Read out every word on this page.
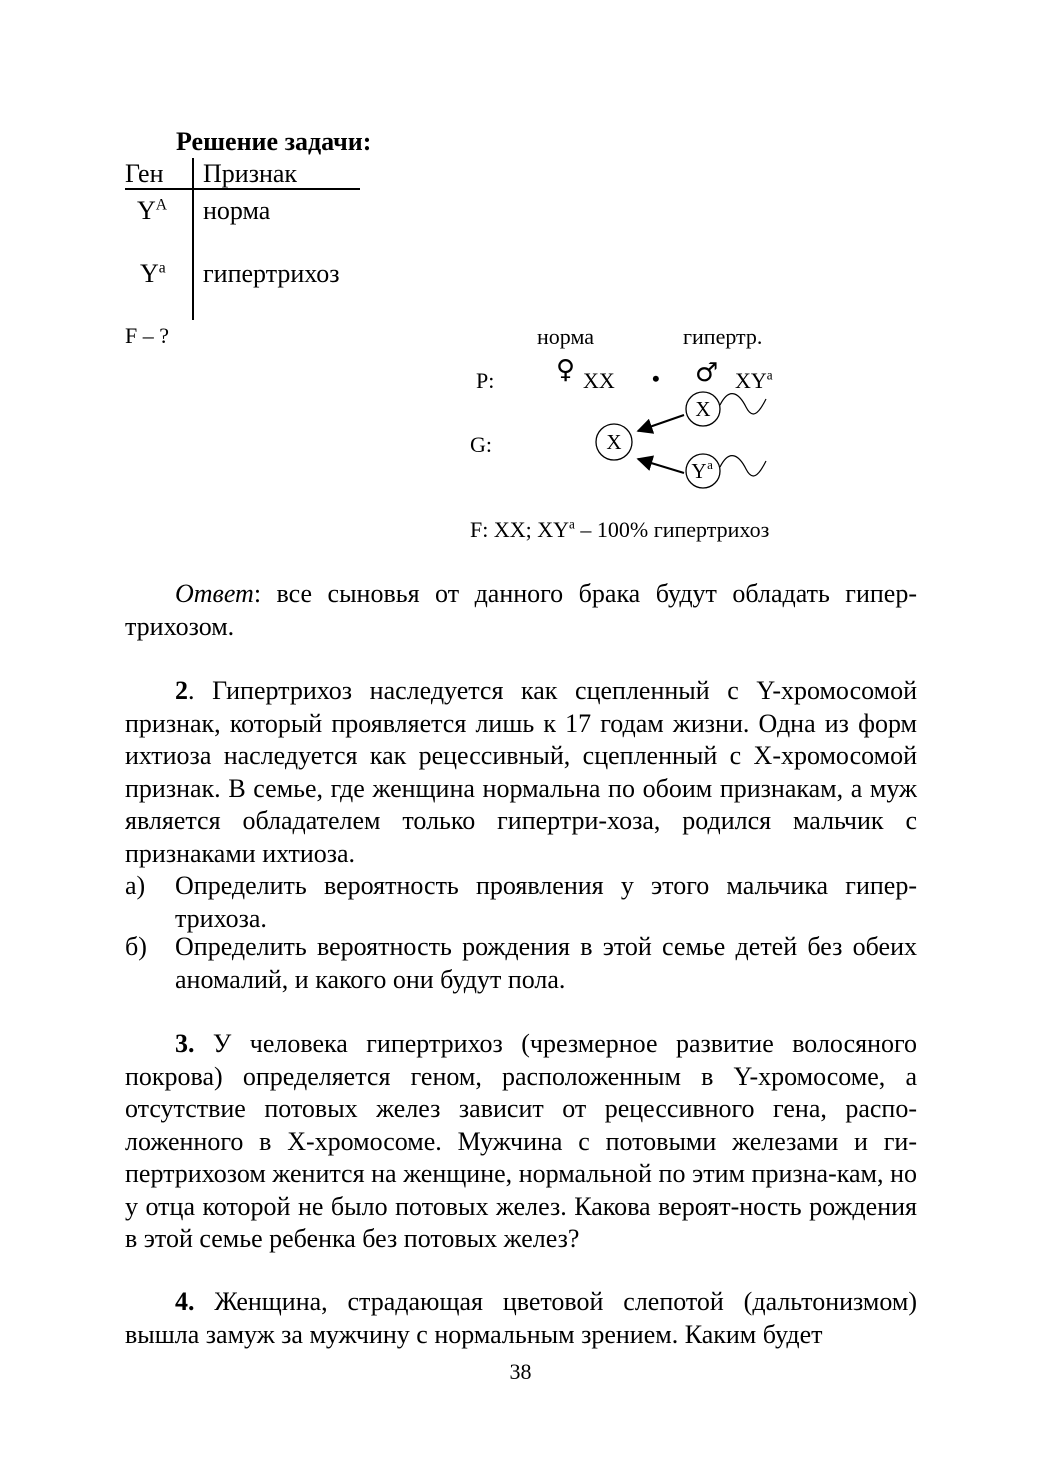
Решение задачи:
Ген Признак
$Y^A$ норма
$Y^a$ гипертрихоз
F – ?	норма	гипертр.
P: ♀ XX • ♂ $XY^a$
G:	X
X
Y a
F: XX; $XY^a - 100\%$ гипертрихоз
Ответ: все сыновья от данного брака будут обладать гипер-трихозом.
2. Гипертрихоз наследуется как сцепленный с Y-хромосомой признак, который проявляется лишь к 17 годам жизни. Одна из форм ихтиоза наследуется как рецессивный, сцепленный с Х-хромосомой признак. В семье, где женщина нормальна по обоим признакам, а муж является обладателем только гипертри-хоза, родился мальчик с признаками ихтиоза.
а) Определить вероятность проявления у этого мальчика гипер-трихоза.
б) Определить вероятность рождения в этой семье детей без обеих аномалий, и какого они будут пола.
3. У человека гипертрихоз (чрезмерное развитие волосяного покрова) определяется геном, расположенным в Y-хромосоме, а отсутствие потовых желез зависит от рецессивного гена, распо-ложенного в Х-хромосоме. Мужчина с потовыми железами и ги-пертрихозом женится на женщине, нормальной по этим призна-кам, но у отца которой не было потовых желез. Какова вероят-ность рождения в этой семье ребенка без потовых желез?
4. Женщина, страдающая цветовой слепотой (дальтонизмом) вышла замуж за мужчину с нормальным зрением. Каким будет
38
